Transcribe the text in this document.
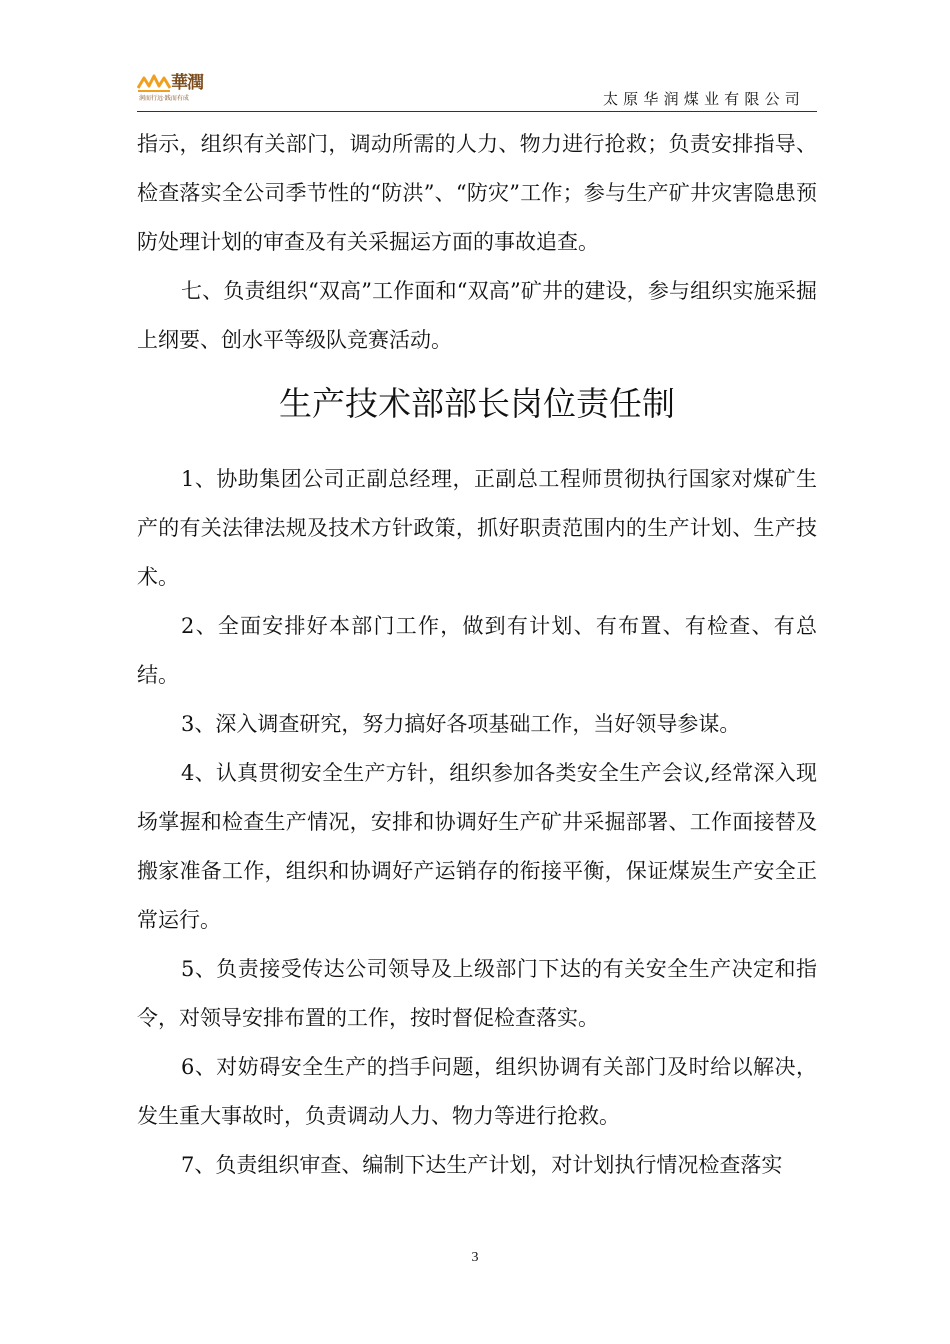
華潤
润而行远·践而有成	太原华润煤业有限公司

指示，组织有关部门，调动所需的人力、物力进行抢救；负责安排指导、检查落实全公司季节性的“防洪”、“防灾”工作；参与生产矿井灾害隐患预防处理计划的审查及有关采掘运方面的事故追查。

七、负责组织“双高”工作面和“双高”矿井的建设，参与组织实施采掘上纲要、创水平等级队竞赛活动。

生产技术部部长岗位责任制

1、协助集团公司正副总经理，正副总工程师贯彻执行国家对煤矿生产的有关法律法规及技术方针政策，抓好职责范围内的生产计划、生产技术。

2、全面安排好本部门工作，做到有计划、有布置、有检查、有总结。

3、深入调查研究，努力搞好各项基础工作，当好领导参谋。

4、认真贯彻安全生产方针，组织参加各类安全生产会议,经常深入现场掌握和检查生产情况，安排和协调好生产矿井采掘部署、工作面接替及搬家准备工作，组织和协调好产运销存的衔接平衡，保证煤炭生产安全正常运行。

5、负责接受传达公司领导及上级部门下达的有关安全生产决定和指令，对领导安排布置的工作，按时督促检查落实。

6、对妨碍安全生产的挡手问题，组织协调有关部门及时给以解决，发生重大事故时，负责调动人力、物力等进行抢救。

7、负责组织审查、编制下达生产计划，对计划执行情况检查落实

3
